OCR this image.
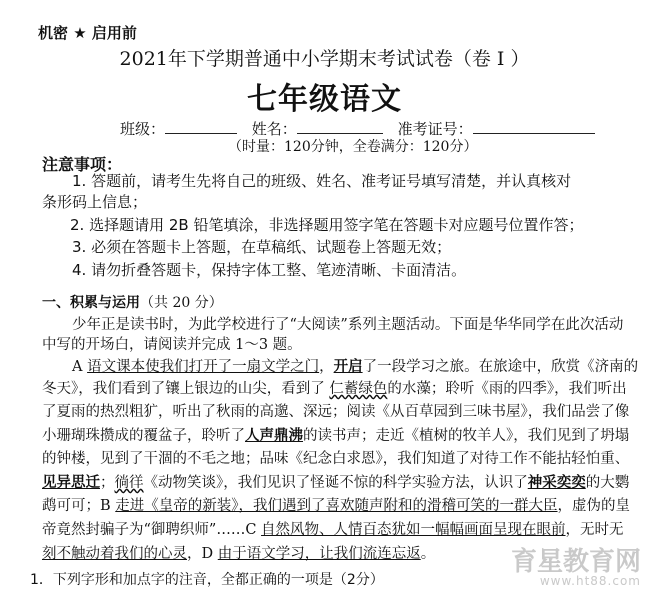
机密 ★ 启用前
2021年下学期普通中小学期末考试试卷（卷 I ）
七年级语文
班级：	姓名：	准考证号：
（时量：120分钟，全卷满分：120分）
注意事项：
1. 答题前，请考生先将自己的班级、姓名、准考证号填写清楚，并认真核对
条形码上信息；
2. 选择题请用 2B 铅笔填涂，非选择题用签字笔在答题卡对应题号位置作答；
3. 必须在答题卡上答题，在草稿纸、试题卷上答题无效；
4. 请勿折叠答题卡，保持字体工整、笔迹清晰、卡面清洁。
一、积累与运用（共 20 分）
少年正是读书时，为此学校进行了“大阅读”系列主题活动。下面是华华同学在此次活动
中写的开场白，请阅读并完成 1～3 题。
A 语文课本使我们打开了一扇文学之门，开启了一段学习之旅。在旅途中，欣赏《济南的
冬天》，我们看到了镶上银边的山尖，看到了 仁蓄绿色的水藻；聆听《雨的四季》，我们听出
了夏雨的热烈粗犷，听出了秋雨的高邈、深远；阅读《从百草园到三味书屋》，我们品尝了像
小珊瑚珠攒成的覆盆子，聆听了人声鼎沸的读书声；走近《植树的牧羊人》，我们见到了坍塌
的钟楼，见到了干涸的不毛之地；品味《纪念白求恩》，我们知道了对待工作不能拈轻怕重、
见异思迁；徜徉《动物笑谈》，我们见识了怪诞不惊的科学实验方法，认识了神采奕奕的大鹦
鹉可可；B 走进《皇帝的新装》，我们遇到了喜欢随声附和的滑稽可笑的一群大臣，虚伪的皇
帝竟然封骗子为“御聘织师”……C 自然风物、人情百态犹如一幅幅画面呈现在眼前，无时无
刻不触动着我们的心灵，D 由于语文学习，让我们流连忘返。
1．下列字形和加点字的注音，全都正确的一项是（2分）
育星教育网
www.ht88.com
